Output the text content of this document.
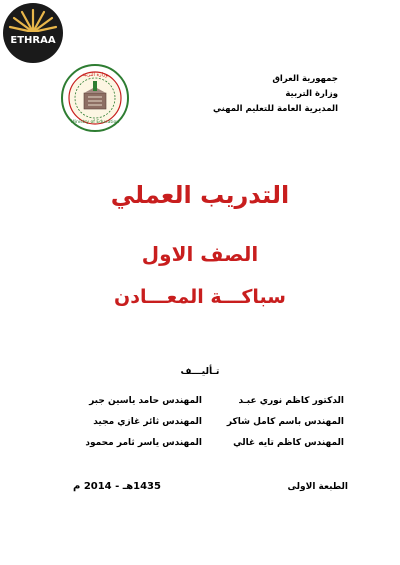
ETHRAA
وزارة التربية
Ministry of Education
جمهورية العراق
وزارة التربية
المديرية العامة للتعليم المهني
التدريب العملي
الصف الاول
سباكـــة المعـــادن
تـأليـــف
الدكتور كاظم نوري عبـد
المهندس حامد ياسين جبر
المهندس باسم كامل شاكر
المهندس ثائر غازي مجيد
المهندس كاظم تايه غالي
المهندس ياسر ثامر محمود
الطبعة الاولى
1435هـ - 2014 م
